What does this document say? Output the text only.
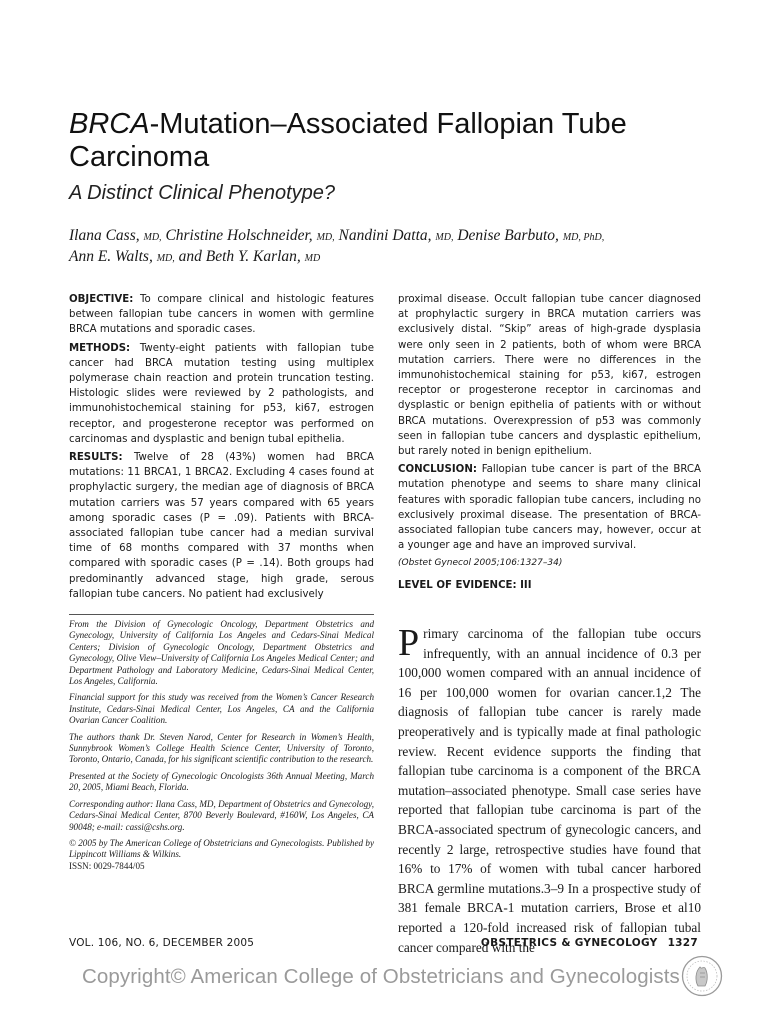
BRCA-Mutation–Associated Fallopian Tube Carcinoma
A Distinct Clinical Phenotype?
Ilana Cass, MD, Christine Holschneider, MD, Nandini Datta, MD, Denise Barbuto, MD, PhD,
Ann E. Walts, MD, and Beth Y. Karlan, MD

OBJECTIVE: To compare clinical and histologic features between fallopian tube cancers in women with germline BRCA mutations and sporadic cases.

METHODS: Twenty-eight patients with fallopian tube cancer had BRCA mutation testing using multiplex polymerase chain reaction and protein truncation testing. Histologic slides were reviewed by 2 pathologists, and immunohistochemical staining for p53, ki67, estrogen receptor, and progesterone receptor was performed on carcinomas and dysplastic and benign tubal epithelia.

RESULTS: Twelve of 28 (43%) women had BRCA mutations: 11 BRCA1, 1 BRCA2. Excluding 4 cases found at prophylactic surgery, the median age of diagnosis of BRCA mutation carriers was 57 years compared with 65 years among sporadic cases (P = .09). Patients with BRCA-associated fallopian tube cancer had a median survival time of 68 months compared with 37 months when compared with sporadic cases (P = .14). Both groups had predominantly advanced stage, high grade, serous fallopian tube cancers. No patient had exclusively

proximal disease. Occult fallopian tube cancer diagnosed at prophylactic surgery in BRCA mutation carriers was exclusively distal. “Skip” areas of high-grade dysplasia were only seen in 2 patients, both of whom were BRCA mutation carriers. There were no differences in the immunohistochemical staining for p53, ki67, estrogen receptor or progesterone receptor in carcinomas and dysplastic or benign epithelia of patients with or without BRCA mutations. Overexpression of p53 was commonly seen in fallopian tube cancers and dysplastic epithelium, but rarely noted in benign epithelium.

CONCLUSION: Fallopian tube cancer is part of the BRCA mutation phenotype and seems to share many clinical features with sporadic fallopian tube cancers, including no exclusively proximal disease. The presentation of BRCA-associated fallopian tube cancers may, however, occur at a younger age and have an improved survival.

(Obstet Gynecol 2005;106:1327–34)
LEVEL OF EVIDENCE: III

From the Division of Gynecologic Oncology, Department Obstetrics and Gynecology, University of California Los Angeles and Cedars-Sinai Medical Centers; Division of Gynecologic Oncology, Department Obstetrics and Gynecology, Olive View–University of California Los Angeles Medical Center; and Department Pathology and Laboratory Medicine, Cedars-Sinai Medical Center, Los Angeles, California.

Financial support for this study was received from the Women’s Cancer Research Institute, Cedars-Sinai Medical Center, Los Angeles, CA and the California Ovarian Cancer Coalition.

The authors thank Dr. Steven Narod, Center for Research in Women’s Health, Sunnybrook Women’s College Health Science Center, University of Toronto, Toronto, Ontario, Canada, for his significant scientific contribution to the research.

Presented at the Society of Gynecologic Oncologists 36th Annual Meeting, March 20, 2005, Miami Beach, Florida.

Corresponding author: Ilana Cass, MD, Department of Obstetrics and Gynecology, Cedars-Sinai Medical Center, 8700 Beverly Boulevard, #160W, Los Angeles, CA 90048; e-mail: cassi@cshs.org.

© 2005 by The American College of Obstetricians and Gynecologists. Published by Lippincott Williams & Wilkins.

ISSN: 0029-7844/05

Primary carcinoma of the fallopian tube occurs infrequently, with an annual incidence of 0.3 per 100,000 women compared with an annual incidence of 16 per 100,000 women for ovarian cancer.1,2 The diagnosis of fallopian tube cancer is rarely made preoperatively and is typically made at final pathologic review. Recent evidence supports the finding that fallopian tube carcinoma is a component of the BRCA mutation–associated phenotype. Small case series have reported that fallopian tube carcinoma is part of the BRCA-associated spectrum of gynecologic cancers, and recently 2 large, retrospective studies have found that 16% to 17% of women with tubal cancer harbored BRCA germline mutations.3–9 In a prospective study of 381 female BRCA-1 mutation carriers, Brose et al10 reported a 120-fold increased risk of fallopian tubal cancer compared with the
VOL. 106, NO. 6, DECEMBER 2005	OBSTETRICS & GYNECOLOGY 1327
Copyright© American College of Obstetricians and Gynecologists
